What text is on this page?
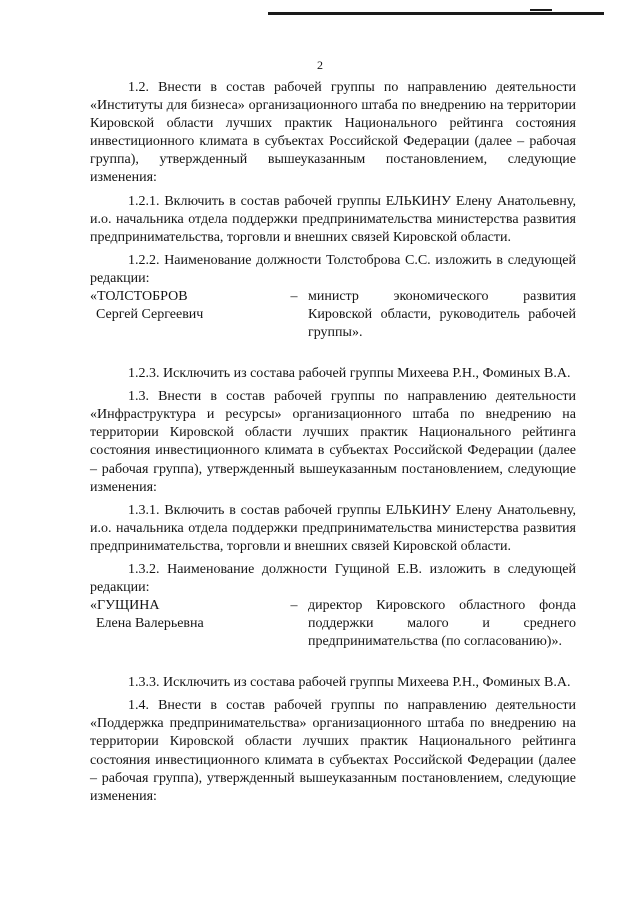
2

1.2. Внести в состав рабочей группы по направлению деятельности «Институты для бизнеса» организационного штаба по внедрению на территории Кировской области лучших практик Национального рейтинга состояния инвестиционного климата в субъектах Российской Федерации (далее – рабочая группа), утвержденный вышеуказанным постановлением, следующие изменения:

1.2.1. Включить в состав рабочей группы ЕЛЬКИНУ Елену Анатольевну, и.о. начальника отдела поддержки предпринимательства министерства развития предпринимательства, торговли и внешних связей Кировской области.

1.2.2. Наименование должности Толстоброва С.С. изложить в следующей редакции:

«ТОЛСТОБРОВ
Сергей Сергеевич
– министр экономического развития Кировской области, руководитель рабочей группы».

1.2.3. Исключить из состава рабочей группы Михеева Р.Н., Фоминых В.А.

1.3. Внести в состав рабочей группы по направлению деятельности «Инфраструктура и ресурсы» организационного штаба по внедрению на территории Кировской области лучших практик Национального рейтинга состояния инвестиционного климата в субъектах Российской Федерации (далее – рабочая группа), утвержденный вышеуказанным постановлением, следующие изменения:

1.3.1. Включить в состав рабочей группы ЕЛЬКИНУ Елену Анатольевну, и.о. начальника отдела поддержки предпринимательства министерства развития предпринимательства, торговли и внешних связей Кировской области.

1.3.2. Наименование должности Гущиной Е.В. изложить в следующей редакции:

«ГУЩИНА
Елена Валерьевна
– директор Кировского областного фонда поддержки малого и среднего предпринимательства (по согласованию)».

1.3.3. Исключить из состава рабочей группы Михеева Р.Н., Фоминых В.А.

1.4. Внести в состав рабочей группы по направлению деятельности «Поддержка предпринимательства» организационного штаба по внедрению на территории Кировской области лучших практик Национального рейтинга состояния инвестиционного климата в субъектах Российской Федерации (далее – рабочая группа), утвержденный вышеуказанным постановлением, следующие изменения:
